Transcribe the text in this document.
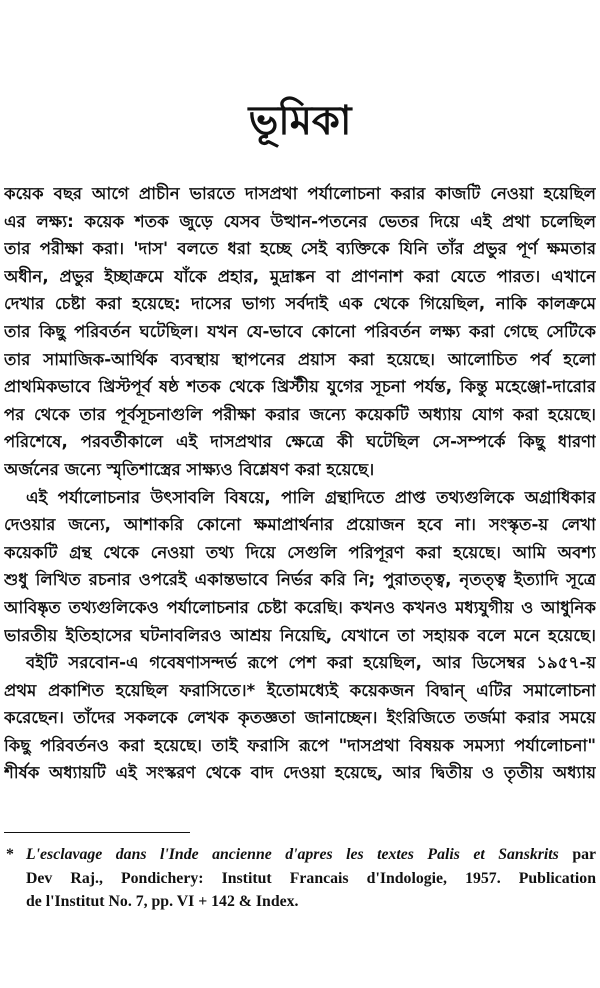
ভূমিকা
কয়েক বছর আগে প্রাচীন ভারতে দাসপ্রথা পর্যালোচনা করার কাজটি নেওয়া হয়েছিল
এর লক্ষ্য: কয়েক শতক জুড়ে যেসব উত্থান-পতনের ভেতর দিয়ে এই প্রথা চলেছিল
তার পরীক্ষা করা। 'দাস' বলতে ধরা হচ্ছে সেই ব্যক্তিকে যিনি তাঁর প্রভুর পূর্ণ ক্ষমতার
অধীন, প্রভুর ইচ্ছাক্রমে যাঁকে প্রহার, মুদ্রাঙ্কন বা প্রাণনাশ করা যেতে পারত। এখানে
দেখার চেষ্টা করা হয়েছে: দাসের ভাগ্য সর্বদাই এক থেকে গিয়েছিল, নাকি কালক্রমে
তার কিছু পরিবর্তন ঘটেছিল। যখন যে-ভাবে কোনো পরিবর্তন লক্ষ্য করা গেছে সেটিকে
তার সামাজিক-আর্থিক ব্যবস্থায় স্থাপনের প্রয়াস করা হয়েছে। আলোচিত পর্ব হলো
প্রাথমিকভাবে খ্রিস্টপূর্ব ষষ্ঠ শতক থেকে খ্রিস্টীয় যুগের সূচনা পর্যন্ত, কিন্তু মহেঞ্জো-দারোর
পর থেকে তার পূর্বসূচনাগুলি পরীক্ষা করার জন্যে কয়েকটি অধ্যায় যোগ করা হয়েছে।
পরিশেষে, পরবর্তীকালে এই দাসপ্রথার ক্ষেত্রে কী ঘটেছিল সে-সম্পর্কে কিছু ধারণা
অর্জনের জন্যে স্মৃতিশাস্ত্রের সাক্ষ্যও বিশ্লেষণ করা হয়েছে।
এই পর্যালোচনার উৎসাবলি বিষয়ে, পালি গ্রন্থাদিতে প্রাপ্ত তথ্যগুলিকে অগ্রাধিকার
দেওয়ার জন্যে, আশাকরি কোনো ক্ষমাপ্রার্থনার প্রয়োজন হবে না। সংস্কৃত-য় লেখা
কয়েকটি গ্রন্থ থেকে নেওয়া তথ্য দিয়ে সেগুলি পরিপূরণ করা হয়েছে। আমি অবশ্য
শুধু লিখিত রচনার ওপরেই একান্তভাবে নির্ভর করি নি; পুরাতত্ত্ব, নৃতত্ত্ব ইত্যাদি সূত্রে
আবিষ্কৃত তথ্যগুলিকেও পর্যালোচনার চেষ্টা করেছি। কখনও কখনও মধ্যযুগীয় ও আধুনিক
ভারতীয় ইতিহাসের ঘটনাবলিরও আশ্রয় নিয়েছি, যেখানে তা সহায়ক বলে মনে হয়েছে।
বইটি সরবোন-এ গবেষণাসন্দর্ভ রূপে পেশ করা হয়েছিল, আর ডিসেম্বর ১৯৫৭-য়
প্রথম প্রকাশিত হয়েছিল ফরাসিতে।* ইতোমধ্যেই কয়েকজন বিদ্বান্ এটির সমালোচনা
করেছেন। তাঁদের সকলকে লেখক কৃতজ্ঞতা জানাচ্ছেন। ইংরিজিতে তর্জমা করার সময়ে
কিছু পরিবর্তনও করা হয়েছে। তাই ফরাসি রূপে "দাসপ্রথা বিষয়ক সমস্যা পর্যালোচনা"
শীর্ষক অধ্যায়টি এই সংস্করণ থেকে বাদ দেওয়া হয়েছে, আর দ্বিতীয় ও তৃতীয় অধ্যায়
* L'esclavage dans l'Inde ancienne d'apres les textes Palis et Sanskrits par
Dev Raj., Pondichery: Institut Francais d'Indologie, 1957. Publication
de l'Institut No. 7, pp. VI + 142 & Index.
